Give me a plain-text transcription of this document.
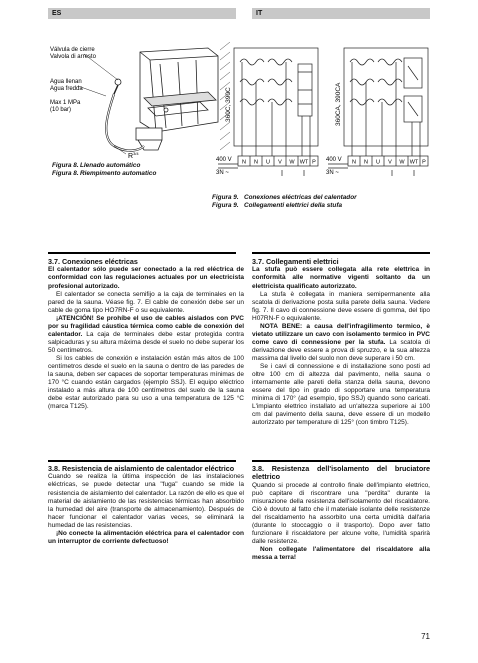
ES	IT
Válvula de cierre
Valvola di arresto
Agua llenan
Agua fredda
Max 1 MPa
(10 bar)
$R^{3/4}$
Figura 8.Llenado automático
Figura 8.Riempimento automatico
360C, 390C	360CA, 390CA
400 V
3N ~
400 V
3N ~
N N U V W WT P	N N U V W WT P
Figura 9. Conexiones eléctricas del calentador
Figura 9. Collegamenti elettrici della stufa

3.7. Conexiones eléctricas

El calentador sólo puede ser conectado a la red eléctrica de conformidad con las regulaciones actuales por un electricista profesional autorizado.

El calentador se conecta semifijo a la caja de terminales en la pared de la sauna. Véase fig. 7. El cable de conexión debe ser un cable de goma tipo HO7RN-F o su equivalente.

¡ATENCIÓN! Se prohíbe el uso de cables aislados con PVC por su fragilidad cáustica térmica como cable de conexión del calentador. La caja de terminales debe estar protegida contra salpicaduras y su altura máxima desde el suelo no debe superar los 50 centímetros.

Si los cables de conexión e instalación están más altos de 100 centímetros desde el suelo en la sauna o dentro de las paredes de la sauna, deben ser capaces de soportar temperaturas mínimas de 170 °C cuando están cargados (ejemplo SSJ). El equipo eléctrico instalado a más altura de 100 centímetros del suelo de la sauna debe estar autorizado para su uso a una temperatura de 125 °C (marca T125).

3.8. Resistencia de aislamiento de calentador eléctrico

Cuando se realiza la última inspección de las instalaciones eléctricas, se puede detectar una "fuga" cuando se mide la resistencia de aislamiento del calentador. La razón de ello es que el material de aislamiento de las resistencias térmicas han absorbido la humedad del aire (transporte de almacenamiento). Después de hacer funcionar el calentador varias veces, se eliminará la humedad de las resistencias.

¡No conecte la alimentación eléctrica para el calentador con un interruptor de corriente defectuoso!

3.7. Collegamenti elettrici

La stufa può essere collegata alla rete elettrica in conformità alle normative vigenti soltanto da un elettricista qualificato autorizzato.

La stufa è collegata in maniera semipermanente alla scatola di derivazione posta sulla parete della sauna. Vedere fig. 7. Il cavo di connessione deve essere di gomma, del tipo H07RN-F o equivalente.

NOTA BENE: a causa dell'infragilimento termico, è vietato utilizzare un cavo con isolamento termico in PVC come cavo di connessione per la stufa. La scatola di derivazione deve essere a prova di spruzzo, e la sua altezza massima dal livello del suolo non deve superare i 50 cm.

Se i cavi di connessione e di installazione sono posti ad oltre 100 cm di altezza dal pavimento, nella sauna o internamente alle pareti della stanza della sauna, devono essere del tipo in grado di sopportare una temperatura minima di 170° (ad esempio, tipo SSJ) quando sono caricati. L'impianto elettrico installato ad un'altezza superiore ai 100 cm dal pavimento della sauna, deve essere di un modello autorizzato per temperature di 125° (con timbro T125).

3.8. Resistenza dell'isolamento del bruciatore elettrico

Quando si procede al controllo finale dell'impianto elettrico, può capitare di riscontrare una "perdita" durante la misurazione della resistenza dell'isolamento del riscaldatore. Ciò è dovuto al fatto che il materiale isolante delle resistenze del riscaldamento ha assorbito una certa umidità dall'aria (durante lo stoccaggio o il trasporto). Dopo aver fatto funzionare il riscaldatore per alcune volte, l'umidità sparirà dalle resistenze.

Non collegate l'alimentatore del riscaldatore alla messa a terra!

71
